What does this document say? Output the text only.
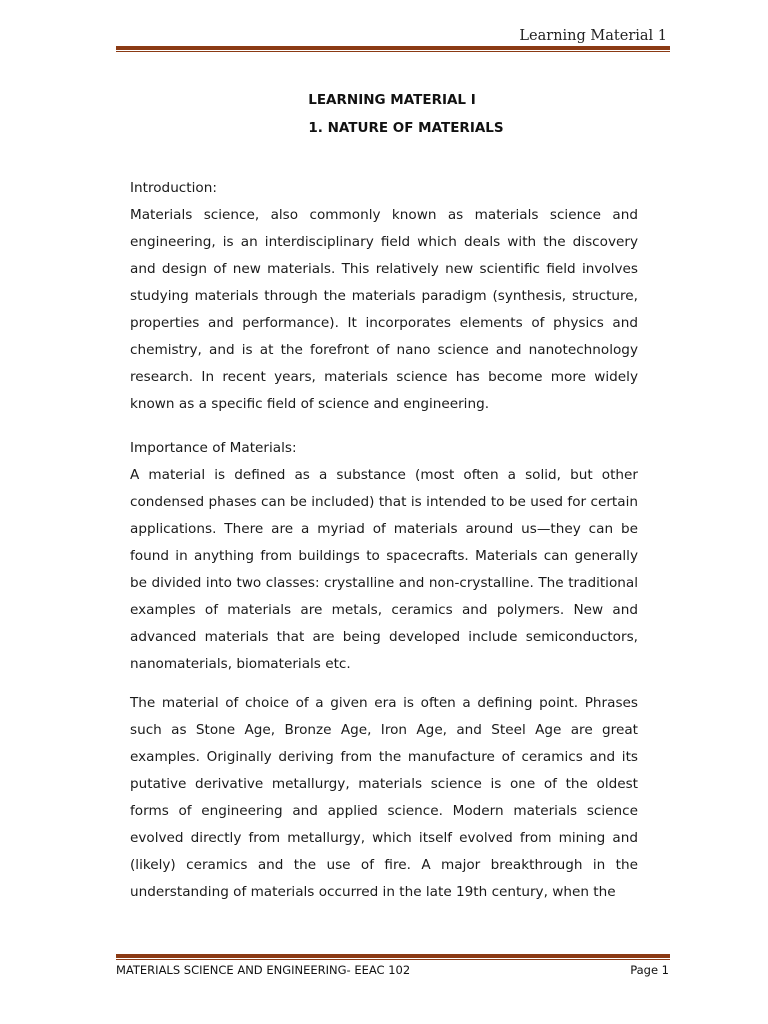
Learning Material 1
LEARNING MATERIAL I
1. NATURE OF MATERIALS

Introduction:

Materials science, also commonly known as materials science and engineering, is an interdisciplinary field which deals with the discovery and design of new materials. This relatively new scientific field involves studying materials through the materials paradigm (synthesis, structure, properties and performance). It incorporates elements of physics and chemistry, and is at the forefront of nano science and nanotechnology research. In recent years, materials science has become more widely known as a specific field of science and engineering.

Importance of Materials:

A material is defined as a substance (most often a solid, but other condensed phases can be included) that is intended to be used for certain applications. There are a myriad of materials around us—they can be found in anything from buildings to spacecrafts. Materials can generally be divided into two classes: crystalline and non-crystalline. The traditional examples of materials are metals, ceramics and polymers. New and advanced materials that are being developed include semiconductors, nanomaterials, biomaterials etc.

The material of choice of a given era is often a defining point. Phrases such as Stone Age, Bronze Age, Iron Age, and Steel Age are great examples. Originally deriving from the manufacture of ceramics and its putative derivative metallurgy, materials science is one of the oldest forms of engineering and applied science. Modern materials science evolved directly from metallurgy, which itself evolved from mining and (likely) ceramics and the use of fire. A major breakthrough in the understanding of materials occurred in the late 19th century, when the

MATERIALS SCIENCE AND ENGINEERING- EEAC 102	Page 1
